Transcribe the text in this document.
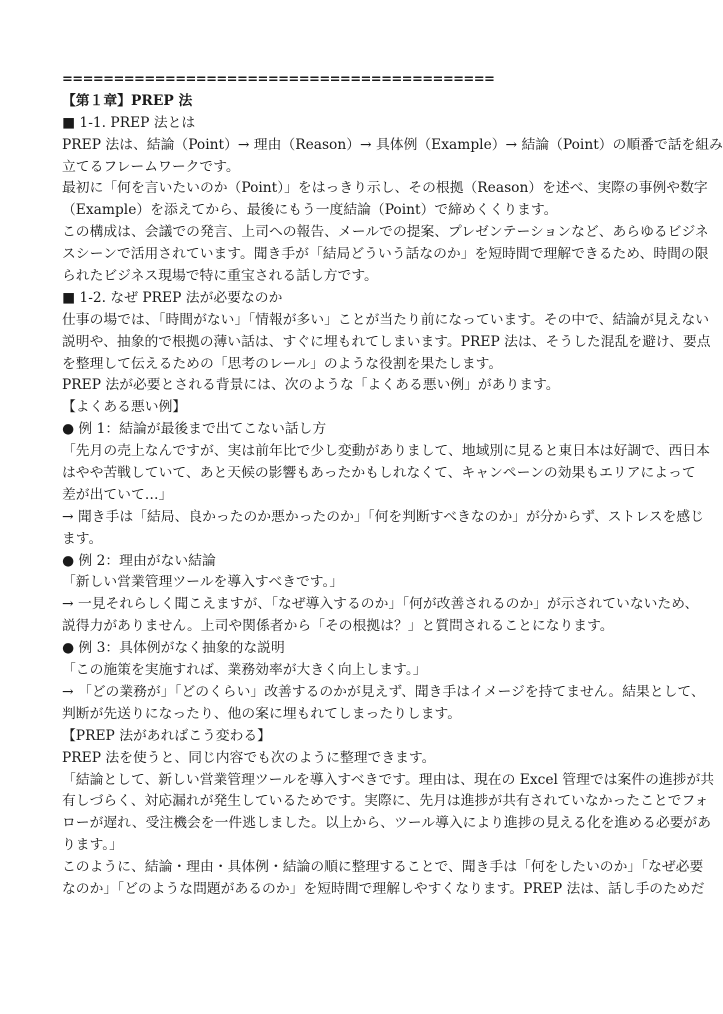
==========================================
【第１章】PREP 法
■ 1-1. PREP 法とは
PREP 法は、結論（Point）→ 理由（Reason）→ 具体例（Example）→ 結論（Point）の順番で話を組み
立てるフレームワークです。
最初に「何を言いたいのか（Point）」をはっきり示し、その根拠（Reason）を述べ、実際の事例や数字
（Example）を添えてから、最後にもう一度結論（Point）で締めくくります。
この構成は、会議での発言、上司への報告、メールでの提案、プレゼンテーションなど、あらゆるビジネ
スシーンで活用されています。聞き手が「結局どういう話なのか」を短時間で理解できるため、時間の限
られたビジネス現場で特に重宝される話し方です。
■ 1-2. なぜ PREP 法が必要なのか
仕事の場では、「時間がない」「情報が多い」ことが当たり前になっています。その中で、結論が見えない
説明や、抽象的で根拠の薄い話は、すぐに埋もれてしまいます。PREP 法は、そうした混乱を避け、要点
を整理して伝えるための「思考のレール」のような役割を果たします。
PREP 法が必要とされる背景には、次のような「よくある悪い例」があります。
【よくある悪い例】
● 例 1：結論が最後まで出てこない話し方
「先月の売上なんですが、実は前年比で少し変動がありまして、地域別に見ると東日本は好調で、西日本
はやや苦戦していて、あと天候の影響もあったかもしれなくて、キャンペーンの効果もエリアによって
差が出ていて…」
→ 聞き手は「結局、良かったのか悪かったのか」「何を判断すべきなのか」が分からず、ストレスを感じ
ます。
● 例 2：理由がない結論
「新しい営業管理ツールを導入すべきです。」
→ 一見それらしく聞こえますが、「なぜ導入するのか」「何が改善されるのか」が示されていないため、
説得力がありません。上司や関係者から「その根拠は？」と質問されることになります。
● 例 3：具体例がなく抽象的な説明
「この施策を実施すれば、業務効率が大きく向上します。」
→ 「どの業務が」「どのくらい」改善するのかが見えず、聞き手はイメージを持てません。結果として、
判断が先送りになったり、他の案に埋もれてしまったりします。
【PREP 法があればこう変わる】
PREP 法を使うと、同じ内容でも次のように整理できます。
「結論として、新しい営業管理ツールを導入すべきです。理由は、現在の Excel 管理では案件の進捗が共
有しづらく、対応漏れが発生しているためです。実際に、先月は進捗が共有されていなかったことでフォ
ローが遅れ、受注機会を一件逃しました。以上から、ツール導入により進捗の見える化を進める必要があ
ります。」
このように、結論・理由・具体例・結論の順に整理することで、聞き手は「何をしたいのか」「なぜ必要
なのか」「どのような問題があるのか」を短時間で理解しやすくなります。PREP 法は、話し手のためだ
